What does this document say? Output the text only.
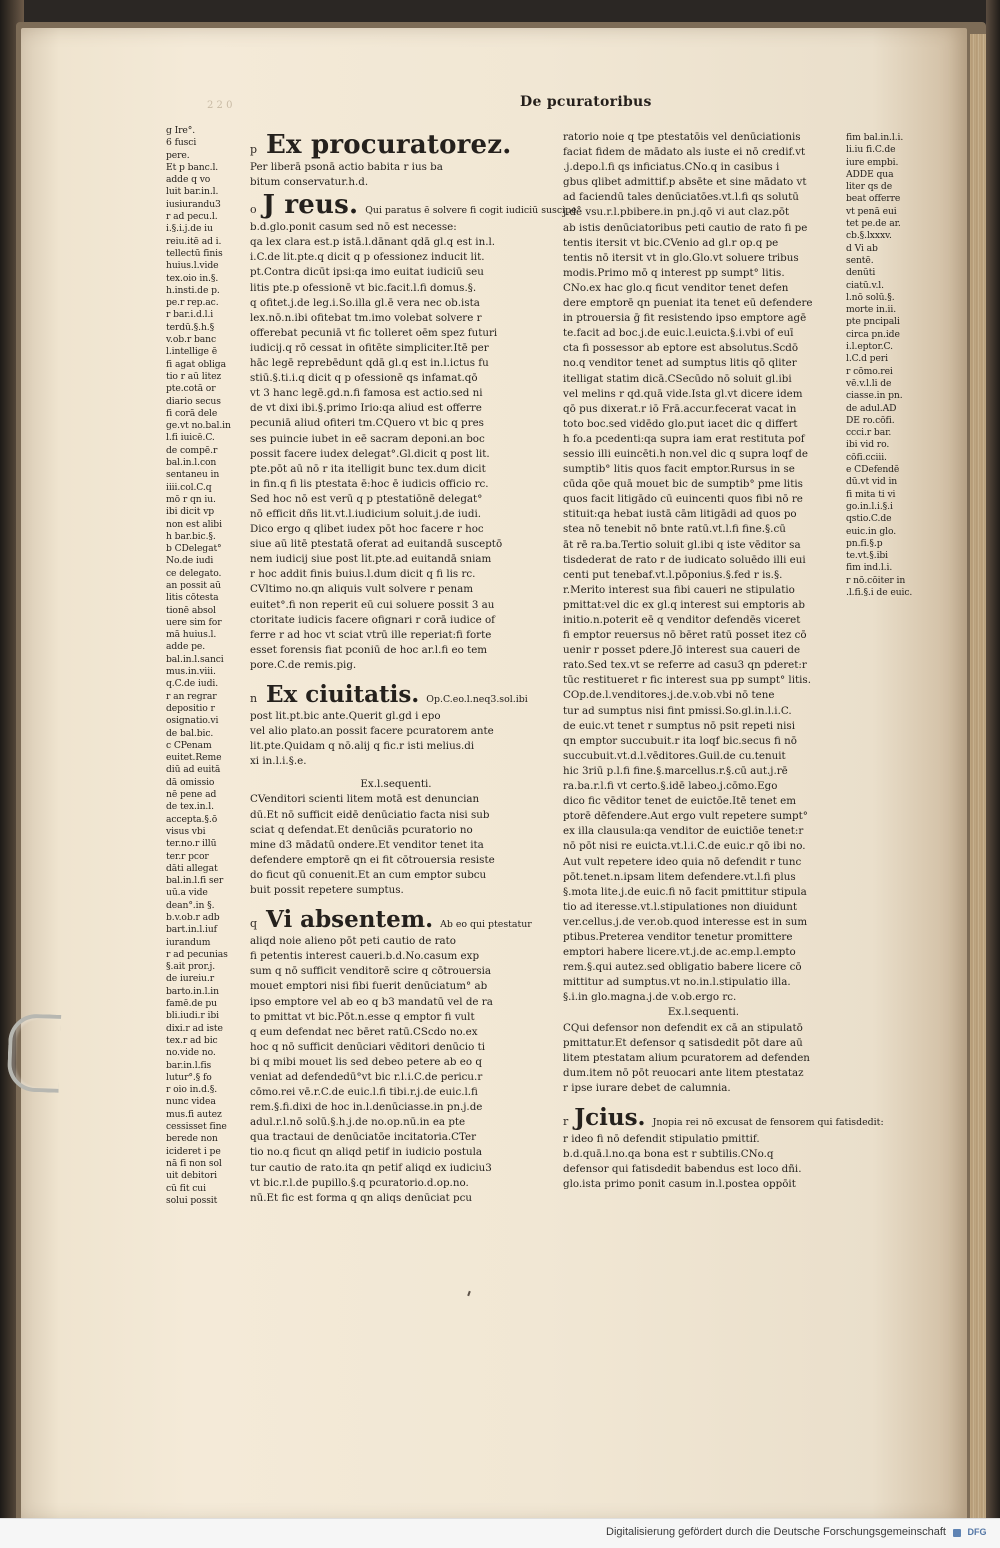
De pcuratoribus
2 2 0
g Ire°.
6 fusci
pere.
Et p banc.l.
adde q vo
luit bar.in.l.
iusiurandu3
r ad pecu.l.
i.§.i.j.de iu
reiu.itē ad i.
tellectū finis
huius.l.vide
tex.oio in.§.
h.insti.de p.
pe.r rep.ac.
r bar.i.d.l.i
terdū.§.h.§
v.ob.r banc
l.intellige ē
fi agat obliga
tio r aū litez
pte.cotā or
diario secus
fi corā dele
ge.vt no.bal.in
l.fi iuicē.C.
de compē.r
bal.in.l.con
sentaneu in
iiii.col.C.q
mō r qn iu.
ibi dicit vp
non est alibi
h bar.bic.§.
b CDelegat°
No.de iudi
ce delegato.
an possit aū
litis cōtesta
tionē absol
uere sim for
mā huius.l.
adde pe.
bal.in.l.sanci
mus.in.viii.
q.C.de iudi.
r an regrar
depositio r
osignatio.vi
de bal.bic.
c CPenam
euitet.Reme
diū ad euitā
dā omissio
nē pene ad
de tex.in.l.
accepta.§.ō
visus vbi
ter.no.r illū
ter.r pcor
dāti allegat
bal.in.l.fi ser
uū.a vide
dean°.in §.
b.v.ob.r adb
bart.in.l.iuf
iurandum
r ad pecunias
§.ait pror.j.
de iureiu.r
barto.in.l.in
famē.de pu
bli.iudi.r ibi
dixi.r ad iste
tex.r ad bic
no.vide no.
bar.in.l.fis
lutur°.§ fo
r oio in.d.§.
nunc videa
mus.fi autez
cessisset fine
berede non
icideret i pe
nā fi non sol
uit debitori
cū fit cui
solui possit
p Ex procuratorez.
Per liberā psonā actio babita r ius ba
bitum conservatur.h.d.
o J reus. Qui paratus ē solvere fi cogit iudiciū suscipe°
b.d.glo.ponit casum sed nō est necesse:
qa lex clara est.p istā.l.dānant qdā gl.q est in.l.
i.C.de lit.pte.q dicit q p ofessionez inducit lit.
pt.Contra dicūt ipsi:qa imo euitat iudiciū seu
litis pte.p ofessionē vt bic.facit.l.fi domus.§.
q ofitet.j.de leg.i.So.illa gl.ē vera nec ob.ista
lex.nō.n.ibi ofitebat tm.imo volebat solvere r
offerebat pecuniā vt fic tolleret oēm spez futuri
iudicij.q rō cessat in ofitēte simpliciter.Itē per
hāc legē reprebēdunt qdā gl.q est in.l.ictus fu
stiū.§.ti.i.q dicit q p ofessionē qs infamat.qō
vt 3 hanc legē.gd.n.fi famosa est actio.sed ni
de vt dixi ibi.§.primo Irio:qa aliud est offerre
pecuniā aliud ofiteri tm.CQuero vt bic q pres
ses puincie iubet in eē sacram deponi.an boc
possit facere iudex delegat°.Gl.dicit q post lit.
pte.pōt aū nō r ita itelligit bunc tex.dum dicit
in fin.q fi lis ptestata ē:hoc ē iudicis officio rc.
Sed hoc nō est verū q p ptestatiōnē delegat°
nō efficit dñs lit.vt.l.iudicium soluit.j.de iudi.
Dico ergo q qlibet iudex pōt hoc facere r hoc
siue aū litē ptestatā oferat ad euitandā susceptō
nem iudicij siue post lit.pte.ad euitandā sniam
r hoc addit finis buius.l.dum dicit q fi lis rc.
CVltimo no.qn aliquis vult solvere r penam
euitet°.fi non reperit eū cui soluere possit 3 au
ctoritate iudicis facere ofignari r corā iudice of
ferre r ad hoc vt sciat vtrū ille reperiat:fi forte
esset forensis fiat pconiū de hoc ar.l.fi eo tem
pore.C.de remis.pig.
n Ex ciuitatis. Op.C.eo.l.neq3.sol.ibi
post lit.pt.bic ante.Querit gl.gd i epo
vel alio plato.an possit facere pcuratorem ante
lit.pte.Quidam q nō.alij q fic.r isti melius.di
xi in.l.i.§.e.
Ex.l.sequenti.
CVenditori scienti litem motā est denuncian
dū.Et nō sufficit eidē denūciatio facta nisi sub
sciat q defendat.Et denūciās pcuratorio no
mine d3 mādatū ondere.Et venditor tenet ita
defendere emptorē qn ei fit cōtrouersia resiste
do ficut qū conuenit.Et an cum emptor subcu
buit possit repetere sumptus.
q Vi absentem. Ab eo qui ptestatur
aliqd noie alieno pōt peti cautio de rato
fi petentis interest caueri.b.d.No.casum exp
sum q nō sufficit venditorē scire q cōtrouersia
mouet emptori nisi fibi fuerit denūciatum° ab
ipso emptore vel ab eo q b3 mandatū vel de ra
to pmittat vt bic.Pōt.n.esse q emptor fi vult
q eum defendat nec bēret ratū.CScdo no.ex
hoc q nō sufficit denūciari vēditori denūcio ti
bi q mibi mouet lis sed debeo petere ab eo q
veniat ad defendedū°vt bic r.l.i.C.de pericu.r
cōmo.rei vē.r.C.de euic.l.fi tibi.r.j.de euic.l.fi
rem.§.fi.dixi de hoc in.l.denūciasse.in pn.j.de
adul.r.l.nō solū.§.h.j.de no.op.nū.in ea pte
qua tractaui de denūciatōe incitatoria.CTer
tio no.q ficut qn aliqd petif in iudicio postula
tur cautio de rato.ita qn petif aliqd ex iudiciu3
vt bic.r.l.de pupillo.§.q pcuratorio.d.op.no.
nū.Et fic est forma q qn aliqs denūciat pcu
ratorio noie q tpe ptestatōis vel denūciationis
faciat fidem de mādato als iuste ei nō credif.vt
.j.depo.l.fi qs inficiatus.CNo.q in casibus i
gbus qlibet admittif.p absēte et sine mādato vt
ad faciendū tales denūciatōes.vt.l.fi qs solutū
j.de vsu.r.l.pbibere.in pn.j.qō vi aut claz.pōt
ab istis denūciatoribus peti cautio de rato fi pe
tentis itersit vt bic.CVenio ad gl.r op.q pe
tentis nō itersit vt in glo.Glo.vt soluere tribus
modis.Primo mō q interest pp sumpt° litis.
CNo.ex hac glo.q ficut venditor tenet defen
dere emptorē qn pueniat ita tenet eū defendere
in ptrouersia ḡ fit resistendo ipso emptore agē
te.facit ad boc.j.de euic.l.euicta.§.i.vbi of euī
cta fi possessor ab eptore est absolutus.Scdō
no.q venditor tenet ad sumptus litis qō qliter
itelligat statim dicā.CSecūdo nō soluit gl.ibi
vel melins r qd.quā vide.Ista gl.vt dicere idem
qō pus dixerat.r iō Frā.accur.fecerat vacat in
toto boc.sed vidēdo glo.put iacet dic q differt
h fo.a pcedenti:qa supra iam erat restituta pof
sessio illi euincēti.h non.vel dic q supra loqf de
sumptib° litis quos facit emptor.Rursus in se
cūda qōe quā mouet bic de sumptib° pme litis
quos facit litigādo cū euincenti quos fibi nō re
stituit:qa hebat iustā cām litigādi ad quos po
stea nō tenebit nō bnte ratū.vt.l.fi fine.§.cū
āt rē ra.ba.Tertio soluit gl.ibi q iste vēditor sa
tisdederat de rato r de iudicato soluēdo illi eui
centi put tenebaf.vt.l.pōponius.§.fed r is.§.
r.Merito interest sua fibi caueri ne stipulatio
pmittat:vel dic ex gl.q interest sui emptoris ab
initio.n.poterit eē q venditor defendēs viceret
fi emptor reuersus nō bēret ratū posset itez cō
uenir r posset pdere.Jō interest sua caueri de
rato.Sed tex.vt se referre ad casu3 qn pderet:r
tūc restitueret r fic interest sua pp sumpt° litis.
COp.de.l.venditores.j.de.v.ob.vbi nō tene
tur ad sumptus nisi fint pmissi.So.gl.in.l.i.C.
de euic.vt tenet r sumptus nō psit repeti nisi
qn emptor succubuit.r ita loqf bic.secus fi nō
succubuit.vt.d.l.vēditores.Guil.de cu.tenuit
hic 3riū p.l.fi fine.§.marcellus.r.§.cū aut.j.rē
ra.ba.r.l.fi vt certo.§.idē labeo.j.cōmo.Ego
dico fic vēditor tenet de euictōe.Itē tenet em
ptorē dēfendere.Aut ergo vult repetere sumpt°
ex illa clausula:qa venditor de euictiōe tenet:r
nō pōt nisi re euicta.vt.l.i.C.de euic.r qō ibi no.
Aut vult repetere ideo quia nō defendit r tunc
pōt.tenet.n.ipsam litem defendere.vt.l.fi plus
§.mota lite.j.de euic.fi nō facit pmittitur stipula
tio ad iteresse.vt.l.stipulationes non diuidunt
ver.cellus.j.de ver.ob.quod interesse est in sum
ptibus.Preterea venditor tenetur promittere
emptori habere licere.vt.j.de ac.emp.l.empto
rem.§.qui autez.sed obligatio babere licere cō
mittitur ad sumptus.vt no.in.l.stipulatio illa.
§.i.in glo.magna.j.de v.ob.ergo rc.
Ex.l.sequenti.
CQui defensor non defendit ex cā an stipulatō
pmittatur.Et defensor q satisdedit pōt dare aū
litem ptestatam alium pcuratorem ad defenden
dum.item nō pōt reuocari ante litem ptestataz
r ipse iurare debet de calumnia.
r Jcius. Jnopia rei nō excusat de fensorem qui fatisdedit:
r ideo fi nō defendit stipulatio pmittif.
b.d.quā.l.no.qa bona est r subtilis.CNo.q
defensor qui fatisdedit babendus est loco dñi.
glo.ista primo ponit casum in.l.postea oppōit
fim bal.in.l.i.
li.iu fi.C.de
iure empbi.
ADDE qua
liter qs de
beat offerre
vt penā eui
tet pe.de ar.
cb.§.lxxxv.
d Vi ab
sentē.
denūti
ciatū.v.l.
l.nō solū.§.
morte in.ii.
pte pncipali
circa pn.ide
i.l.eptor.C.
l.C.d peri
r cōmo.rei
vē.v.l.li de
ciasse.in pn.
de adul.AD
DE ro.cōfi.
ccci.r bar.
ibi vid ro.
cōfi.cciii.
e CDefendē
dū.vt vid in
fi mita ti vi
go.in.l.i.§.i
qstio.C.de
euic.in glo.
pn.fi.§.p
te.vt.§.ibi
fim ind.l.i.
r nō.cōiter in
.l.fi.§.i de euic.
Digitalisierung gefördert durch die Deutsche Forschungsgemeinschaft	DFG
